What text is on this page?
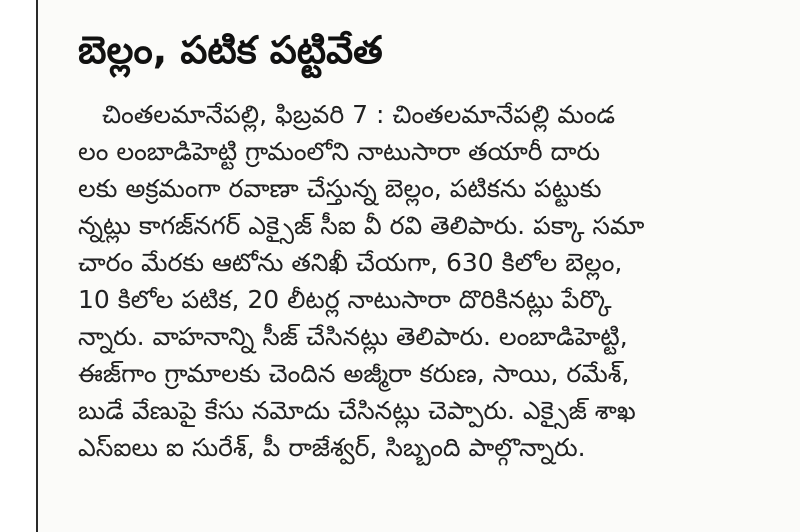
బెల్లం, పటిక పట్టివేత
చింతలమానేపల్లి, ఫిబ్రవరి 7 : చింతలమానేపల్లి మండ
లం లంబాడిహెట్టి గ్రామంలోని నాటుసారా తయారీ దారు
లకు అక్రమంగా రవాణా చేస్తున్న బెల్లం, పటికను పట్టుకు
న్నట్లు కాగజ్‌నగర్ ఎక్సైజ్ సీఐ వీ రవి తెలిపారు. పక్కా సమా
చారం మేరకు ఆటోను తనిఖీ చేయగా, 630 కిలోల బెల్లం,
10 కిలోల పటిక, 20 లీటర్ల నాటుసారా దొరికినట్లు పేర్కొ
న్నారు. వాహనాన్ని సీజ్ చేసినట్లు తెలిపారు. లంబాడిహెట్టి,
ఈజ్‌గాం గ్రామాలకు చెందిన అజ్మీరా కరుణ, సాయి, రమేశ్,
బుడే వేణుపై కేసు నమోదు చేసినట్లు చెప్పారు. ఎక్సైజ్ శాఖ
ఎస్ఐలు ఐ సురేశ్, పీ రాజేశ్వర్, సిబ్బంది పాల్గొన్నారు.
